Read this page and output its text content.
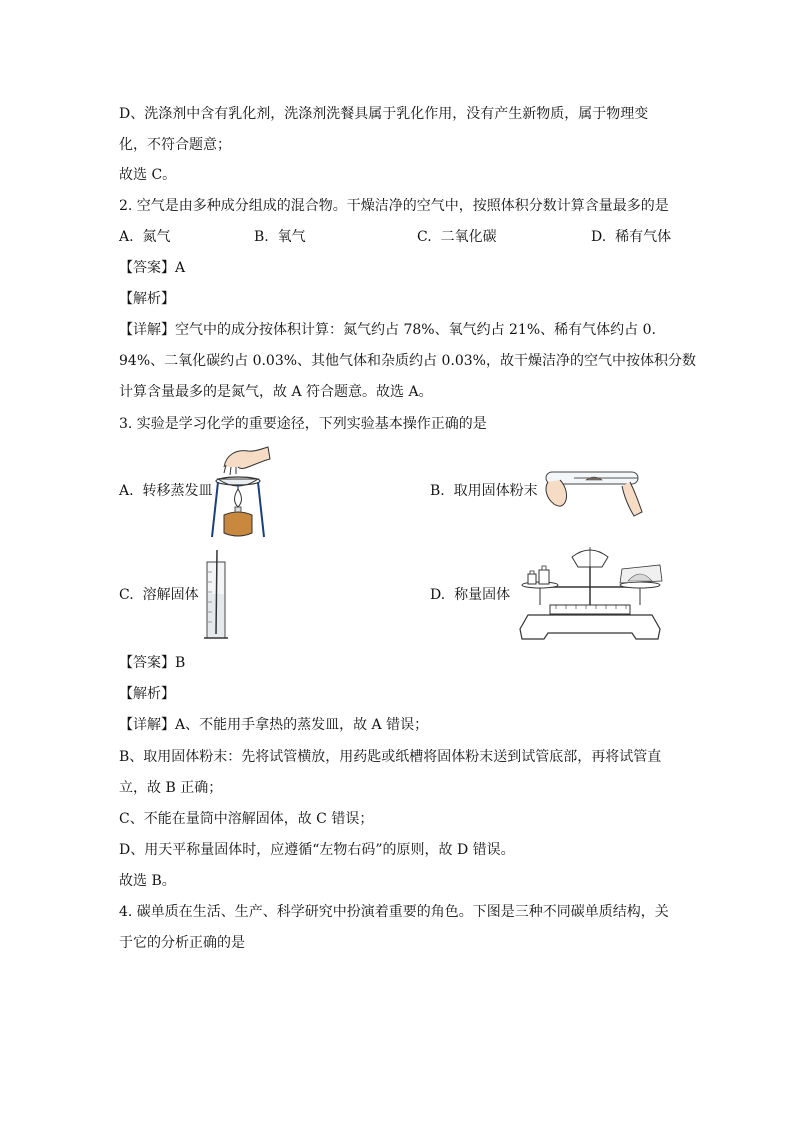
D、洗涤剂中含有乳化剂，洗涤剂洗餐具属于乳化作用，没有产生新物质，属于物理变
化，不符合题意；
故选 C。
2. 空气是由多种成分组成的混合物。干燥洁净的空气中，按照体积分数计算含量最多的是
A. 氮气	B. 氧气	C. 二氧化碳	D. 稀有气体
【答案】A
【解析】
【详解】空气中的成分按体积计算：氮气约占 78%、氧气约占 21%、稀有气体约占 0.
94%、二氧化碳约占 0.03%、其他气体和杂质约占 0.03%，故干燥洁净的空气中按体积分数
计算含量最多的是氮气，故 A 符合题意。故选 A。
3. 实验是学习化学的重要途径，下列实验基本操作正确的是
A. 转移蒸发皿	B. 取用固体粉末
C. 溶解固体	D. 称量固体
【答案】B
【解析】
【详解】A、不能用手拿热的蒸发皿，故 A 错误；
B、取用固体粉末：先将试管横放，用药匙或纸槽将固体粉末送到试管底部，再将试管直
立，故 B 正确；
C、不能在量筒中溶解固体，故 C 错误；
D、用天平称量固体时，应遵循“左物右码”的原则，故 D 错误。
故选 B。
4. 碳单质在生活、生产、科学研究中扮演着重要的角色。下图是三种不同碳单质结构，关
于它的分析正确的是
